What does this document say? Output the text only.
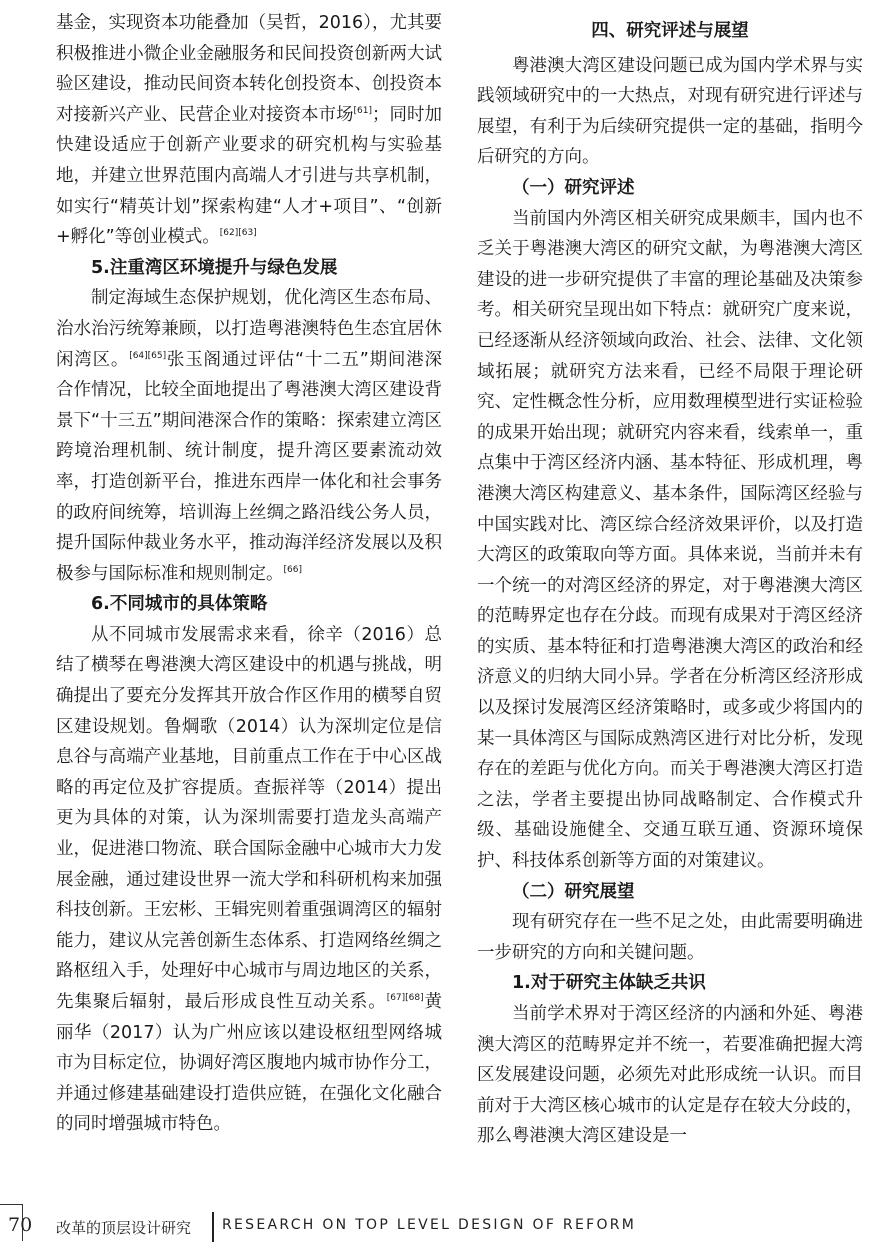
基金，实现资本功能叠加（吴哲，2016），尤其要积极推进小微企业金融服务和民间投资创新两大试验区建设，推动民间资本转化创投资本、创投资本对接新兴产业、民营企业对接资本市场[61]；同时加快建设适应于创新产业要求的研究机构与实验基地，并建立世界范围内高端人才引进与共享机制，如实行“精英计划”探索构建“人才+项目”、“创新+孵化”等创业模式。[62][63]

5.注重湾区环境提升与绿色发展

制定海域生态保护规划，优化湾区生态布局、治水治污统筹兼顾，以打造粤港澳特色生态宜居休闲湾区。[64][65]张玉阁通过评估“十二五”期间港深合作情况，比较全面地提出了粤港澳大湾区建设背景下“十三五”期间港深合作的策略：探索建立湾区跨境治理机制、统计制度，提升湾区要素流动效率，打造创新平台，推进东西岸一体化和社会事务的政府间统筹，培训海上丝绸之路沿线公务人员，提升国际仲裁业务水平，推动海洋经济发展以及积极参与国际标准和规则制定。[66]

6.不同城市的具体策略

从不同城市发展需求来看，徐辛（2016）总结了横琴在粤港澳大湾区建设中的机遇与挑战，明确提出了要充分发挥其开放合作区作用的横琴自贸区建设规划。鲁焵歌（2014）认为深圳定位是信息谷与高端产业基地，目前重点工作在于中心区战略的再定位及扩容提质。查振祥等（2014）提出更为具体的对策，认为深圳需要打造龙头高端产业，促进港口物流、联合国际金融中心城市大力发展金融，通过建设世界一流大学和科研机构来加强科技创新。王宏彬、王辑宪则着重强调湾区的辐射能力，建议从完善创新生态体系、打造网络丝绸之路枢纽入手，处理好中心城市与周边地区的关系，先集聚后辐射，最后形成良性互动关系。[67][68]黄丽华（2017）认为广州应该以建设枢纽型网络城市为目标定位，协调好湾区腹地内城市协作分工，并通过修建基础建设打造供应链，在强化文化融合的同时增强城市特色。

四、研究评述与展望

粤港澳大湾区建设问题已成为国内学术界与实践领域研究中的一大热点，对现有研究进行评述与展望，有利于为后续研究提供一定的基础，指明今后研究的方向。

（一）研究评述

当前国内外湾区相关研究成果颇丰，国内也不乏关于粤港澳大湾区的研究文献，为粤港澳大湾区建设的进一步研究提供了丰富的理论基础及决策参考。相关研究呈现出如下特点：就研究广度来说，已经逐渐从经济领域向政治、社会、法律、文化领域拓展；就研究方法来看，已经不局限于理论研究、定性概念性分析，应用数理模型进行实证检验的成果开始出现；就研究内容来看，线索单一，重点集中于湾区经济内涵、基本特征、形成机理，粤港澳大湾区构建意义、基本条件，国际湾区经验与中国实践对比、湾区综合经济效果评价，以及打造大湾区的政策取向等方面。具体来说，当前并未有一个统一的对湾区经济的界定，对于粤港澳大湾区的范畴界定也存在分歧。而现有成果对于湾区经济的实质、基本特征和打造粤港澳大湾区的政治和经济意义的归纳大同小异。学者在分析湾区经济形成以及探讨发展湾区经济策略时，或多或少将国内的某一具体湾区与国际成熟湾区进行对比分析，发现存在的差距与优化方向。而关于粤港澳大湾区打造之法，学者主要提出协同战略制定、合作模式升级、基础设施健全、交通互联互通、资源环境保护、科技体系创新等方面的对策建议。

（二）研究展望

现有研究存在一些不足之处，由此需要明确进一步研究的方向和关键问题。

1.对于研究主体缺乏共识

当前学术界对于湾区经济的内涵和外延、粤港澳大湾区的范畴界定并不统一，若要准确把握大湾区发展建设问题，必须先对此形成统一认识。而目前对于大湾区核心城市的认定是存在较大分歧的，那么粤港澳大湾区建设是一

70 改革的顶层设计研究 RESEARCH ON TOP LEVEL DESIGN OF REFORM
